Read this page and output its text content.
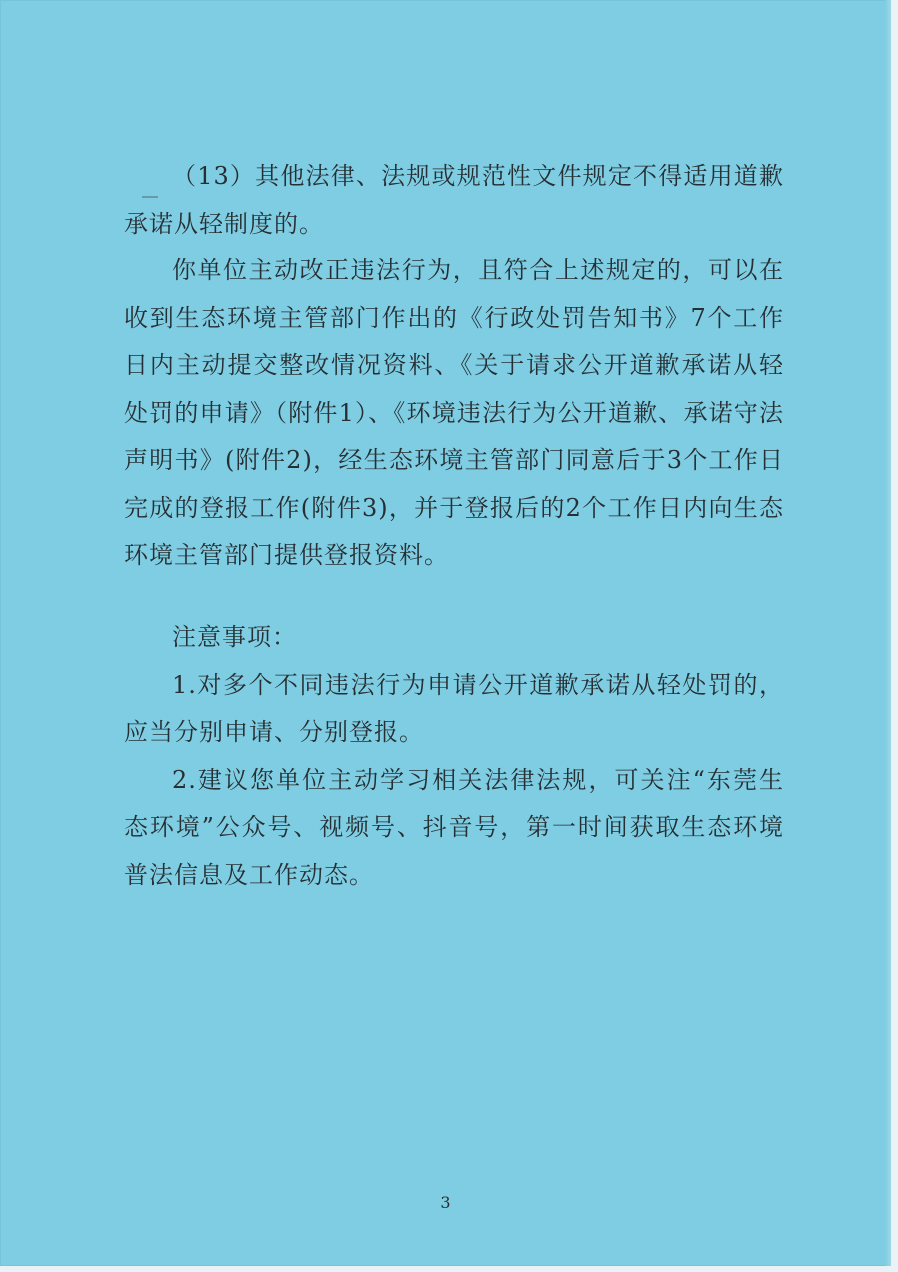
（13）其他法律、法规或规范性文件规定不得适用道歉承诺从轻制度的。

你单位主动改正违法行为，且符合上述规定的，可以在收到生态环境主管部门作出的《行政处罚告知书》7个工作日内主动提交整改情况资料、《关于请求公开道歉承诺从轻处罚的申请》（附件1）、《环境违法行为公开道歉、承诺守法声明书》(附件2)，经生态环境主管部门同意后于3个工作日完成的登报工作(附件3)，并于登报后的2个工作日内向生态环境主管部门提供登报资料。

注意事项：
1.对多个不同违法行为申请公开道歉承诺从轻处罚的，应当分别申请、分别登报。
2.建议您单位主动学习相关法律法规，可关注“东莞生态环境”公众号、视频号、抖音号，第一时间获取生态环境普法信息及工作动态。
3
